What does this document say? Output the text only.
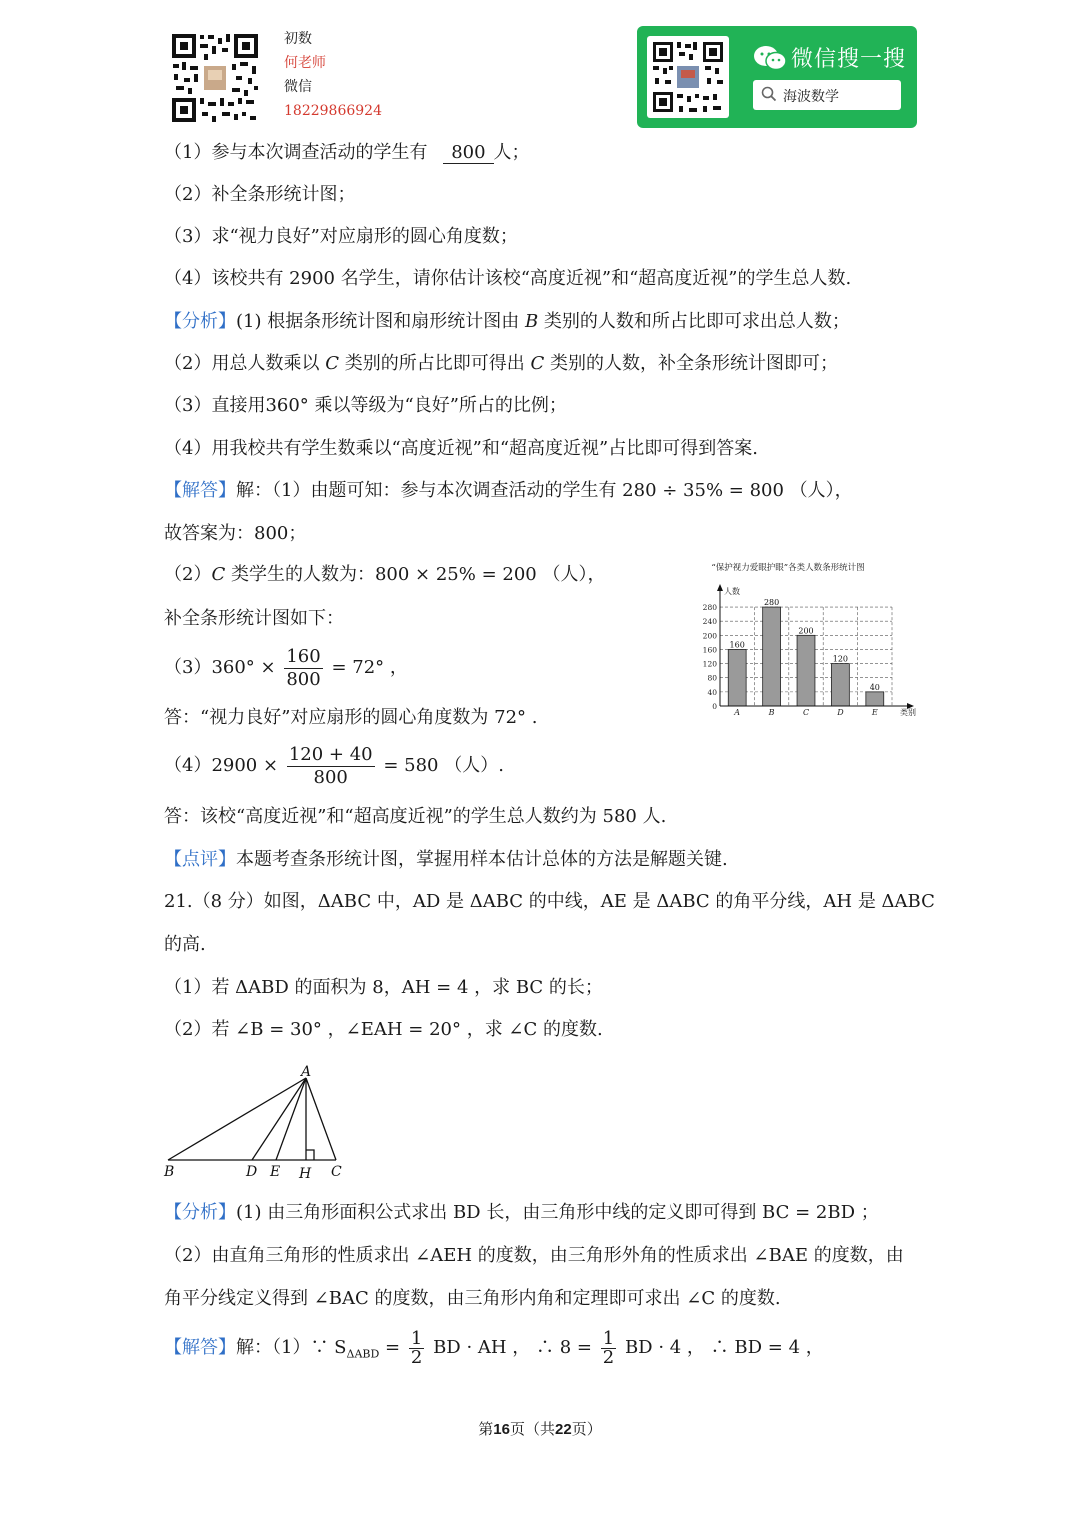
初数
何老师
微信
18229866924
微信搜一搜
海波数学
（1）参与本次调查活动的学生有 800 人；
（2）补全条形统计图；
（3）求“视力良好”对应扇形的圆心角度数；
（4）该校共有 2900 名学生，请你估计该校“高度近视”和“超高度近视”的学生总人数.
【分析】(1) 根据条形统计图和扇形统计图由 B 类别的人数和所占比即可求出总人数；
（2）用总人数乘以 C 类别的所占比即可得出 C 类别的人数，补全条形统计图即可；
（3）直接用360° 乘以等级为“良好”所占的比例；
（4）用我校共有学生数乘以“高度近视”和“超高度近视”占比即可得到答案.
【解答】解：（1）由题可知：参与本次调查活动的学生有 280 ÷ 35% = 800 （人），
故答案为：800；
（2）C 类学生的人数为：800 × 25% = 200 （人），
补全条形统计图如下：
$(3)360^\circ \times \frac{160}{800} = 72^\circ$ ，
答：“视力良好”对应扇形的圆心角度数为 72° .
$(4)2900 \times \frac{120 + 40}{800} = 580$ （人）.
答：该校“高度近视”和“超高度近视”的学生总人数约为 580 人.
“保护视力爱眼护眼”各类人数条形统计图
人数
类别
0
40
80
120
160
200
240
280
160
A
280
B
200
C
120
D
40
E
【点评】本题考查条形统计图，掌握用样本估计总体的方法是解题关键.
21.（8 分）如图，ΔABC 中，AD 是 ΔABC 的中线，AE 是 ΔABC 的角平分线，AH 是 ΔABC
的高.
（1）若 ΔABD 的面积为 8，AH = 4 ，求 BC 的长；
（2）若 ∠B = 30° ，∠EAH = 20° ，求 ∠C 的度数.
A
B	D E H C
【分析】(1) 由三角形面积公式求出 BD 长，由三角形中线的定义即可得到 BC = 2BD ；
（2）由直角三角形的性质求出 ∠AEH 的度数，由三角形外角的性质求出 ∠BAE 的度数，由
角平分线定义得到 ∠BAC 的度数，由三角形内角和定理即可求出 ∠C 的度数.
【解答】解：（1）∵ $S_{\Delta ABD} = \frac{1}{2}$ BD · AH ， ∴ $8 = \frac{1}{2}$ BD · 4 ， ∴ BD = 4 ，
第16页（共22页）
